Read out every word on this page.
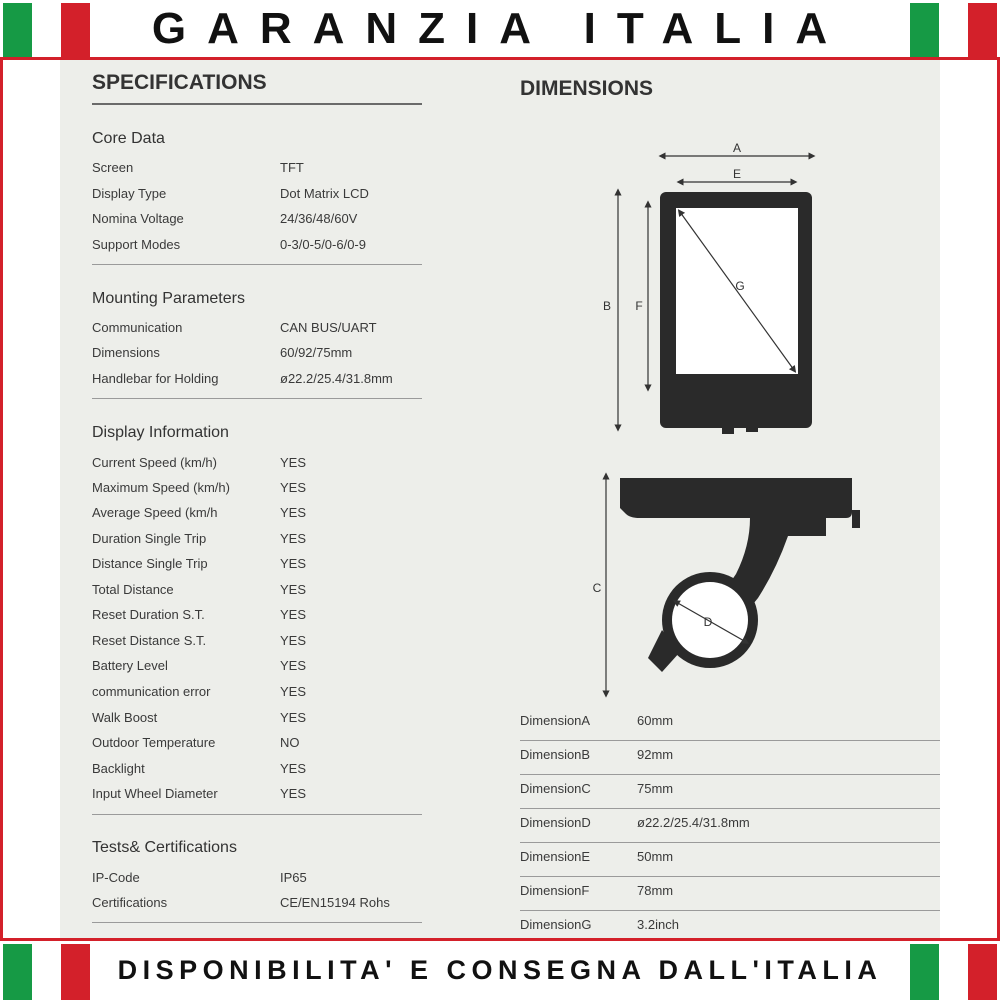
GARANZIA ITALIA
SPECIFICATIONS
Core Data
Screen	TFT
Display Type	Dot Matrix LCD
Nomina Voltage	24/36/48/60V
Support Modes	0-3/0-5/0-6/0-9
Mounting Parameters
Communication	CAN BUS/UART
Dimensions	60/92/75mm
Handlebar for Holding	ø22.2/25.4/31.8mm
Display Information
Current Speed (km/h)	YES
Maximum Speed (km/h)	YES
Average Speed (km/h	YES
Duration Single Trip	YES
Distance Single Trip	YES
Total Distance	YES
Reset Duration S.T.	YES
Reset Distance S.T.	YES
Battery Level	YES
communication error	YES
Walk Boost	YES
Outdoor Temperature	NO
Backlight	YES
Input Wheel Diameter	YES
Tests& Certifications
IP-Code	IP65
Certifications	CE/EN15194 Rohs
DIMENSIONS
A
E
B F
G
C
D
DimensionA	60mm
DimensionB	92mm
DimensionC	75mm
DimensionD	ø22.2/25.4/31.8mm
DimensionE	50mm
DimensionF	78mm
DimensionG	3.2inch
DISPONIBILITA' E CONSEGNA DALL'ITALIA
